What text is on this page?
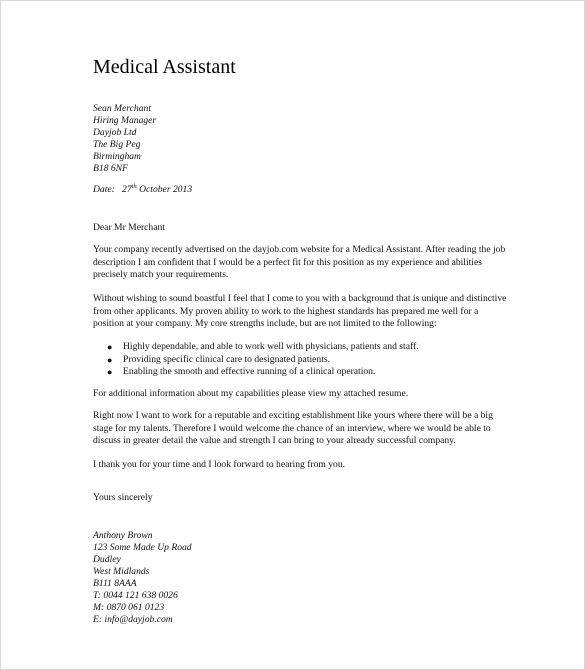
Medical Assistant
Sean Merchant
Hiring Manager
Dayjob Ltd
The Big Peg
Birmingham
B18 6NF
Date: 27th October 2013
Dear Mr Merchant
Your company recently advertised on the dayjob.com website for a Medical Assistant. After reading the job
description I am confident that I would be a perfect fit for this position as my experience and abilities
precisely match your requirements.
Without wishing to sound boastful I feel that I come to you with a background that is unique and distinctive
from other applicants. My proven ability to work to the highest standards has prepared me well for a
position at your company. My core strengths include, but are not limited to the following:
● Highly dependable, and able to work well with physicians, patients and staff.
● Providing specific clinical care to designated patients.
● Enabling the smooth and effective running of a clinical operation.
For additional information about my capabilities please view my attached resume.
Right now I want to work for a reputable and exciting establishment like yours where there will be a big
stage for my talents. Therefore I would welcome the chance of an interview, where we would be able to
discuss in greater detail the value and strength I can bring to your already successful company.
I thank you for your time and I look forward to hearing from you.
Yours sincerely
Anthony Brown
123 Some Made Up Road
Dudley
West Midlands
B111 8AAA
T: 0044 121 638 0026
M: 0870 061 0123
E: info@dayjob.com
